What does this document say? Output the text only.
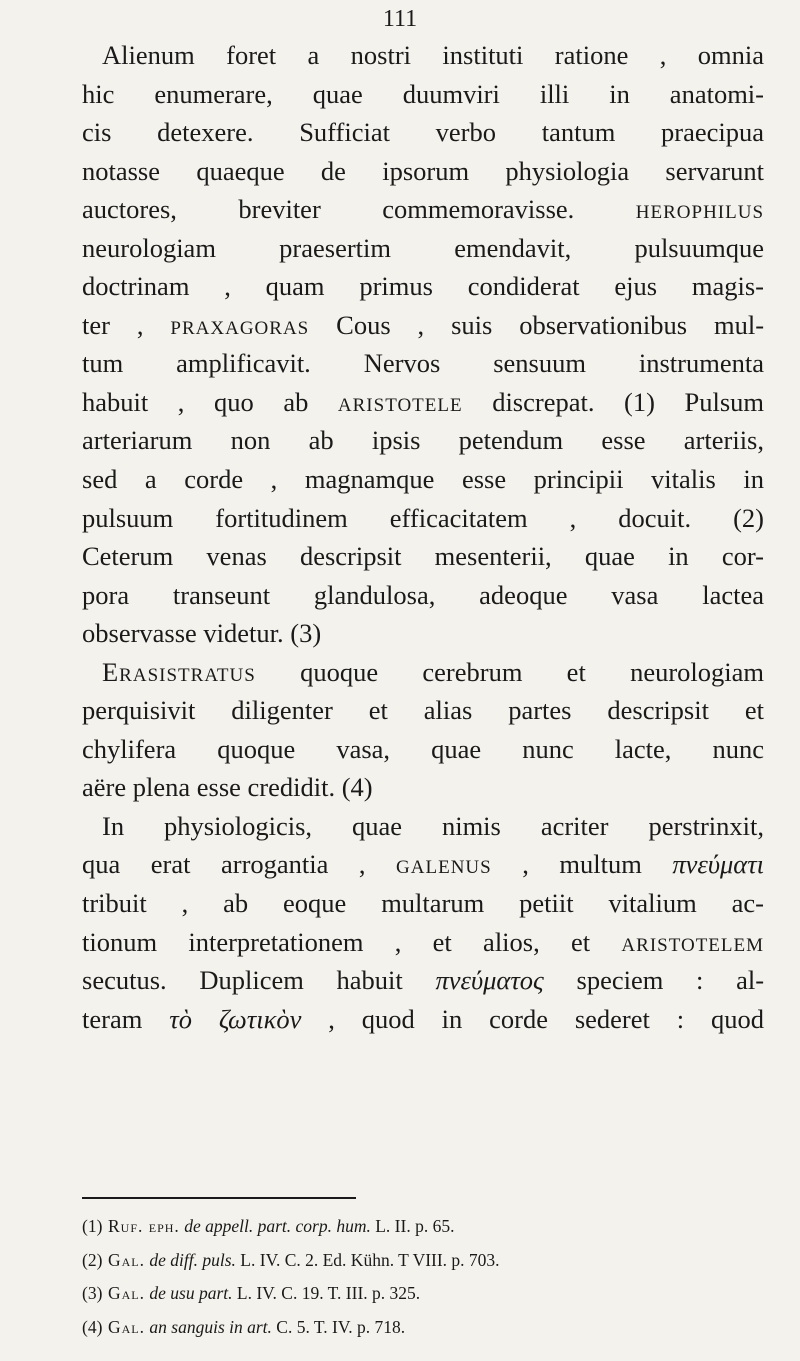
111
Alienum foret a nostri instituti ratione , omnia
hic enumerare, quae duumviri illi in anatomi-
cis detexere. Sufficiat verbo tantum praecipua
notasse quaeque de ipsorum physiologia servarunt
auctores, breviter commemoravisse. herophilus
neurologiam praesertim emendavit, pulsuumque
doctrinam , quam primus condiderat ejus magis-
ter , praxagoras Cous , suis observationibus mul-
tum amplificavit. Nervos sensuum instrumenta
habuit , quo ab aristotele discrepat. (1) Pulsum
arteriarum non ab ipsis petendum esse arteriis,
sed a corde , magnamque esse principii vitalis in
pulsuum fortitudinem efficacitatem , docuit. (2)
Ceterum venas descripsit mesenterii, quae in cor-
pora transeunt glandulosa, adeoque vasa lactea
observasse videtur. (3)
Erasistratus quoque cerebrum et neurologiam
perquisivit diligenter et alias partes descripsit et
chylifera quoque vasa, quae nunc lacte, nunc
aëre plena esse credidit. (4)
In physiologicis, quae nimis acriter perstrinxit,
qua erat arrogantia , galenus , multum πνεύματι
tribuit , ab eoque multarum petiit vitalium ac-
tionum interpretationem , et alios, et aristotelem
secutus. Duplicem habuit πνεύματος speciem : al-
teram τὸ ζωτικὸν , quod in corde sederet : quod
(1) Ruf. eph. de appell. part. corp. hum. L. II. p. 65.
(2) Gal. de diff. puls. L. IV. C. 2. Ed. Kühn. T VIII. p. 703.
(3) Gal. de usu part. L. IV. C. 19. T. III. p. 325.
(4) Gal. an sanguis in art. C. 5. T. IV. p. 718.
